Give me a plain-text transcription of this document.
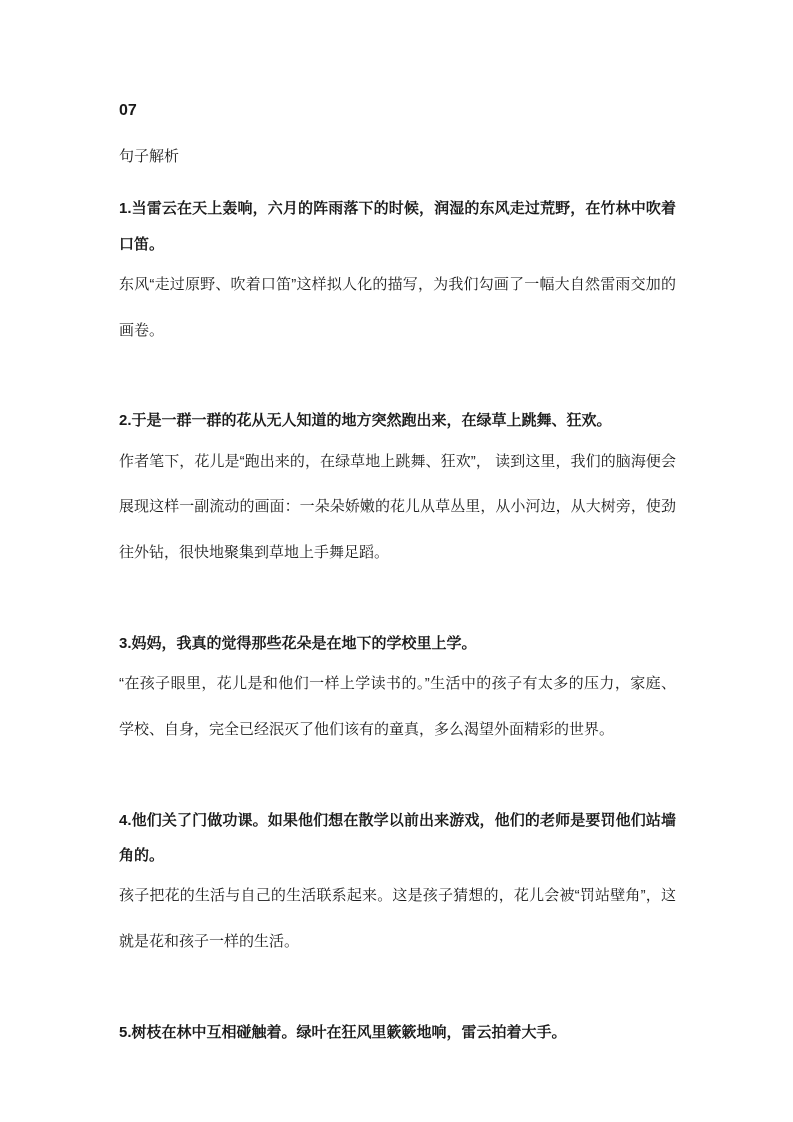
07

句子解析

1.当雷云在天上轰响，六月的阵雨落下的时候，润湿的东风走过荒野，在竹林中吹着口笛。

东风“走过原野、吹着口笛”这样拟人化的描写，为我们勾画了一幅大自然雷雨交加的画卷。

2.于是一群一群的花从无人知道的地方突然跑出来，在绿草上跳舞、狂欢。

作者笔下，花儿是“跑出来的，在绿草地上跳舞、狂欢”， 读到这里，我们的脑海便会展现这样一副流动的画面：一朵朵娇嫩的花儿从草丛里，从小河边，从大树旁，使劲往外钻，很快地聚集到草地上手舞足蹈。

3.妈妈，我真的觉得那些花朵是在地下的学校里上学。

“在孩子眼里，花儿是和他们一样上学读书的。”生活中的孩子有太多的压力，家庭、学校、自身，完全已经泯灭了他们该有的童真，多么渴望外面精彩的世界。

4.他们关了门做功课。如果他们想在散学以前出来游戏，他们的老师是要罚他们站墙角的。

孩子把花的生活与自己的生活联系起来。这是孩子猜想的，花儿会被“罚站壁角”，这就是花和孩子一样的生活。

5.树枝在林中互相碰触着。绿叶在狂风里簌簌地响，雷云拍着大手。
